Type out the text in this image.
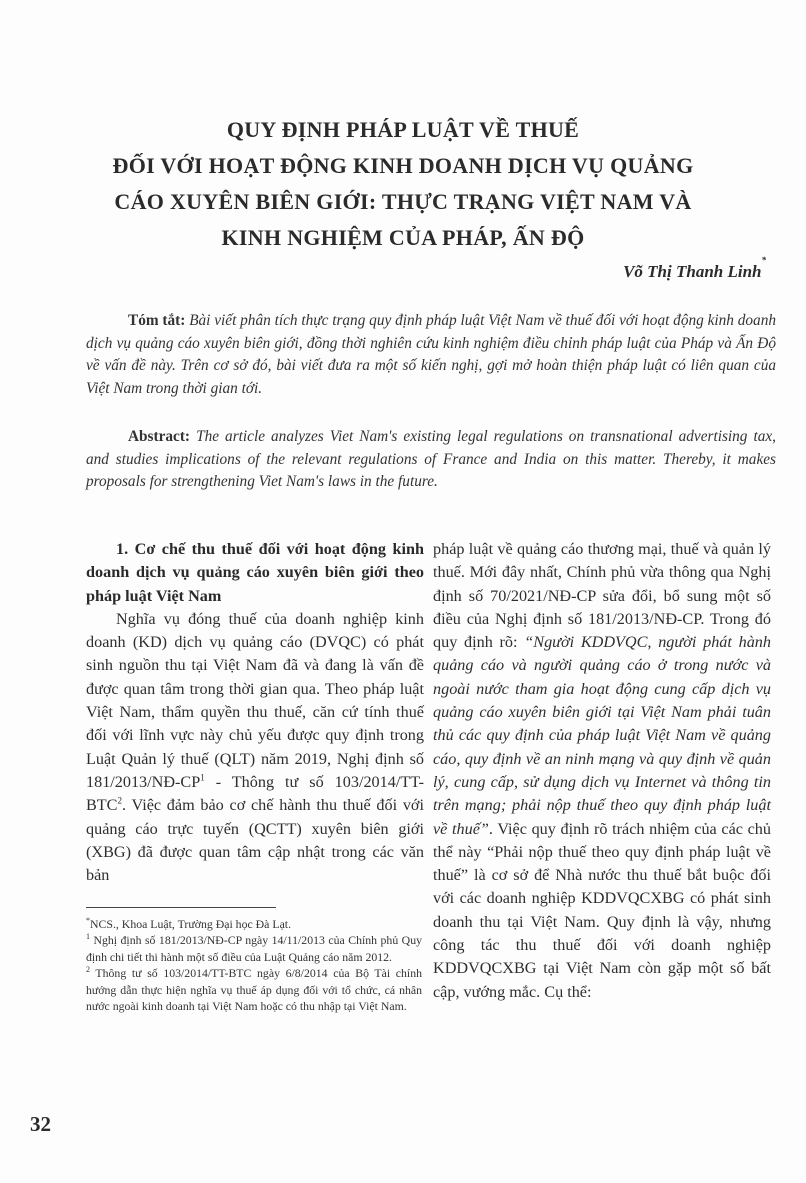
QUY ĐỊNH PHÁP LUẬT VỀ THUẾ
ĐỐI VỚI HOẠT ĐỘNG KINH DOANH DỊCH VỤ QUẢNG
CÁO XUYÊN BIÊN GIỚI: THỰC TRẠNG VIỆT NAM VÀ
KINH NGHIỆM CỦA PHÁP, ẤN ĐỘ
Võ Thị Thanh Linh*
Tóm tắt: Bài viết phân tích thực trạng quy định pháp luật Việt Nam về thuế đối với hoạt động kinh doanh dịch vụ quảng cáo xuyên biên giới, đồng thời nghiên cứu kinh nghiệm điều chỉnh pháp luật của Pháp và Ấn Độ về vấn đề này. Trên cơ sở đó, bài viết đưa ra một số kiến nghị, gợi mở hoàn thiện pháp luật có liên quan của Việt Nam trong thời gian tới.
Abstract: The article analyzes Viet Nam's existing legal regulations on transnational advertising tax, and studies implications of the relevant regulations of France and India on this matter. Thereby, it makes proposals for strengthening Viet Nam's laws in the future.
1. Cơ chế thu thuế đối với hoạt động kinh doanh dịch vụ quảng cáo xuyên biên giới theo pháp luật Việt Nam
Nghĩa vụ đóng thuế của doanh nghiệp kinh doanh (KD) dịch vụ quảng cáo (DVQC) có phát sinh nguồn thu tại Việt Nam đã và đang là vấn đề được quan tâm trong thời gian qua. Theo pháp luật Việt Nam, thẩm quyền thu thuế, căn cứ tính thuế đối với lĩnh vực này chủ yếu được quy định trong Luật Quản lý thuế (QLT) năm 2019, Nghị định số $181/2013/NĐ-CP^1$ - Thông tư số 103/2014/TT-BTC$^2$. Việc đảm bảo cơ chế hành thu thuế đối với quảng cáo trực tuyến (QCTT) xuyên biên giới (XBG) đã được quan tâm cập nhật trong các văn bản
*NCS., Khoa Luật, Trường Đại học Đà Lạt.
$^1$ Nghị định số 181/2013/NĐ-CP ngày 14/11/2013 của Chính phủ Quy định chi tiết thi hành một số điều của Luật Quảng cáo năm 2012.
$^2$ Thông tư số 103/2014/TT-BTC ngày 6/8/2014 của Bộ Tài chính hướng dẫn thực hiện nghĩa vụ thuế áp dụng đối với tổ chức, cá nhân nước ngoài kinh doanh tại Việt Nam hoặc có thu nhập tại Việt Nam.
pháp luật về quảng cáo thương mại, thuế và quản lý thuế. Mới đây nhất, Chính phủ vừa thông qua Nghị định số 70/2021/NĐ-CP sửa đổi, bổ sung một số điều của Nghị định số 181/2013/NĐ-CP. Trong đó quy định rõ: “Người KDDVQC, người phát hành quảng cáo và người quảng cáo ở trong nước và ngoài nước tham gia hoạt động cung cấp dịch vụ quảng cáo xuyên biên giới tại Việt Nam phải tuân thủ các quy định của pháp luật Việt Nam về quảng cáo, quy định về an ninh mạng và quy định về quản lý, cung cấp, sử dụng dịch vụ Internet và thông tin trên mạng; phải nộp thuế theo quy định pháp luật về thuế”. Việc quy định rõ trách nhiệm của các chủ thể này “Phải nộp thuế theo quy định pháp luật về thuế” là cơ sở để Nhà nước thu thuế bắt buộc đối với các doanh nghiệp KDDVQCXBG có phát sinh doanh thu tại Việt Nam. Quy định là vậy, nhưng công tác thu thuế đối với doanh nghiệp KDDVQCXBG tại Việt Nam còn gặp một số bất cập, vướng mắc. Cụ thể:
32
